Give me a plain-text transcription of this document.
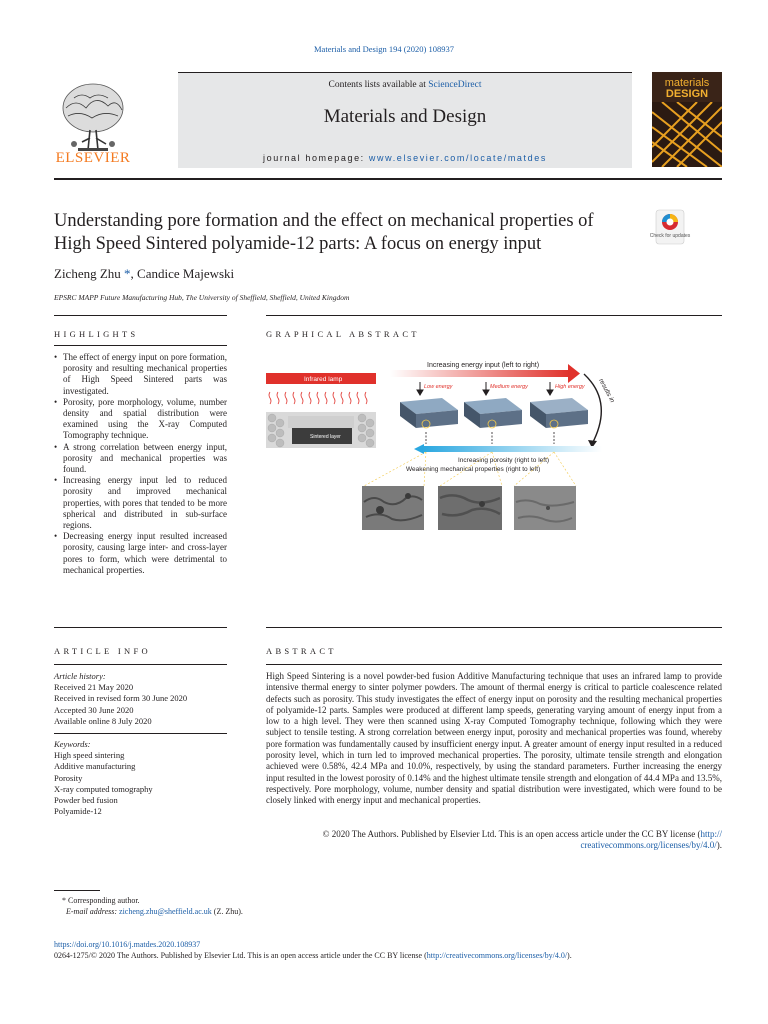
Materials and Design 194 (2020) 108937
Contents lists available at ScienceDirect
Materials and Design
journal homepage: www.elsevier.com/locate/matdes
ELSEVIER
materials
DESIGN
Understanding pore formation and the effect on mechanical properties of High Speed Sintered polyamide-12 parts: A focus on energy input	Check for updates
Zicheng Zhu *, Candice Majewski
EPSRC MAPP Future Manufacturing Hub, The University of Sheffield, Sheffield, United Kingdom
HIGHLIGHTS	GRAPHICAL ABSTRACT
• The effect of energy input on pore formation, porosity and resulting mechanical properties of High Speed Sintered parts was investigated.
• Porosity, pore morphology, volume, number density and spatial distribution were examined using the X-ray Computed Tomography technique.
• A strong correlation between energy input, porosity and mechanical properties was found.
• Increasing energy input led to reduced porosity and improved mechanical properties, with pores that tended to be more spherical and distributed in sub-surface regions.
• Decreasing energy input resulted increased porosity, causing large inter- and cross-layer pores to form, which were detrimental to mechanical properties.
Infrared lamp
Sintered layer
Increasing energy input (left to right)
Low energy	Medium energy	High energy results in
Increasing porosity (right to left)
Weakening mechanical properties (right to left)
ARTICLE INFO	ABSTRACT
Article history:
Received 21 May 2020
Received in revised form 30 June 2020
Accepted 30 June 2020
Available online 8 July 2020
Keywords:
High speed sintering
Additive manufacturing
Porosity
X-ray computed tomography
Powder bed fusion
Polyamide-12

High Speed Sintering is a novel powder-bed fusion Additive Manufacturing technique that uses an infrared lamp to provide intensive thermal energy to sinter polymer powders. The amount of thermal energy is critical to particle coalescence related defects such as porosity. This study investigates the effect of energy input on porosity and the resulting mechanical properties of polyamide-12 parts. Samples were produced at different lamp speeds, generating varying amount of energy input from a low to a high level. They were then scanned using X-ray Computed Tomography technique, following which they were subject to tensile testing. A strong correlation between energy input, porosity and mechanical properties was found, whereby pore formation was fundamentally caused by insufficient energy input. A greater amount of energy input resulted in a reduced porosity level, which in turn led to improved mechanical properties. The porosity, ultimate tensile strength and elongation achieved were 0.58%, 42.4 MPa and 10.0%, respectively, by using the standard parameters. Further increasing the energy input resulted in the lowest porosity of 0.14% and the highest ultimate tensile strength and elongation of 44.4 MPa and 13.5%, respectively. Pore morphology, volume, number density and spatial distribution were investigated, which were found to be closely linked with energy input and mechanical properties.

© 2020 The Authors. Published by Elsevier Ltd. This is an open access article under the CC BY license (http://
creativecommons.org/licenses/by/4.0/).

* Corresponding author.
E-mail address: zicheng.zhu@sheffield.ac.uk (Z. Zhu).
https://doi.org/10.1016/j.matdes.2020.108937
0264-1275/© 2020 The Authors. Published by Elsevier Ltd. This is an open access article under the CC BY license (http://creativecommons.org/licenses/by/4.0/).
